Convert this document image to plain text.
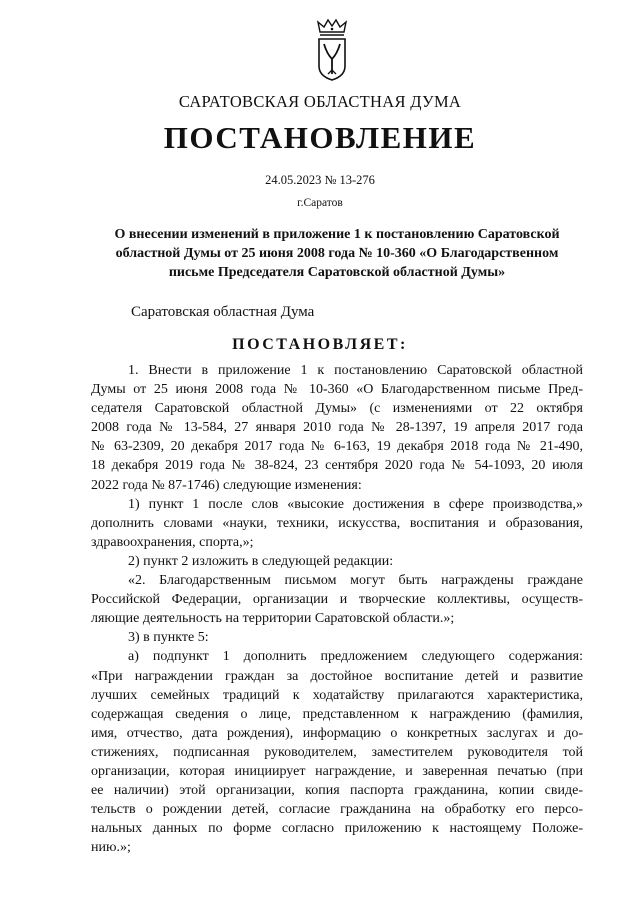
САРАТОВСКАЯ ОБЛАСТНАЯ ДУМА
ПОСТАНОВЛЕНИЕ
24.05.2023 № 13-276
г.Саратов
О внесении изменений в приложение 1 к постановлению Саратовской
областной Думы от 25 июня 2008 года № 10-360 «О Благодарственном
письме Председателя Саратовской областной Думы»
Саратовская областная Дума
ПОСТАНОВЛЯЕТ:
1. Внести в приложение 1 к постановлению Саратовской областной
Думы от 25 июня 2008 года № 10-360 «О Благодарственном письме Пред-
седателя Саратовской областной Думы» (с изменениями от 22 октября
2008 года № 13-584, 27 января 2010 года № 28-1397, 19 апреля 2017 года
№ 63-2309, 20 декабря 2017 года № 6-163, 19 декабря 2018 года № 21-490,
18 декабря 2019 года № 38-824, 23 сентября 2020 года № 54-1093, 20 июля
2022 года № 87-1746) следующие изменения:
1) пункт 1 после слов «высокие достижения в сфере производства,»
дополнить словами «науки, техники, искусства, воспитания и образования,
здравоохранения, спорта,»;
2) пункт 2 изложить в следующей редакции:
«2. Благодарственным письмом могут быть награждены граждане
Российской Федерации, организации и творческие коллективы, осуществ-
ляющие деятельность на территории Саратовской области.»;
3) в пункте 5:
а) подпункт 1 дополнить предложением следующего содержания:
«При награждении граждан за достойное воспитание детей и развитие
лучших семейных традиций к ходатайству прилагаются характеристика,
содержащая сведения о лице, представленном к награждению (фамилия,
имя, отчество, дата рождения), информацию о конкретных заслугах и до-
стижениях, подписанная руководителем, заместителем руководителя той
организации, которая инициирует награждение, и заверенная печатью (при
ее наличии) этой организации, копия паспорта гражданина, копии свиде-
тельств о рождении детей, согласие гражданина на обработку его персо-
нальных данных по форме согласно приложению к настоящему Положе-
нию.»;
